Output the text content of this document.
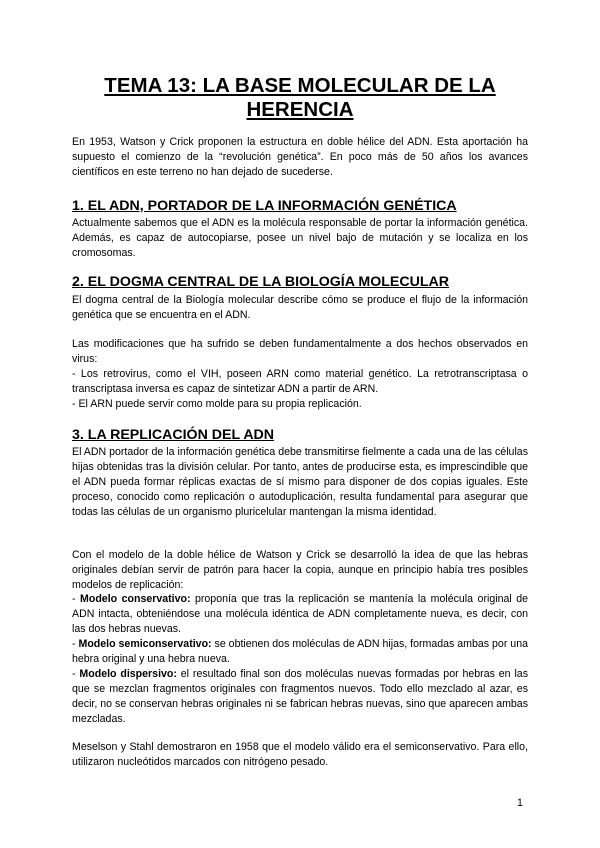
TEMA 13: LA BASE MOLECULAR DE LA
HERENCIA
En 1953, Watson y Crick proponen la estructura en doble hélice del ADN. Esta aportación ha supuesto el comienzo de la “revolución genética”. En poco más de 50 años los avances científicos en este terreno no han dejado de sucederse.
1. EL ADN, PORTADOR DE LA INFORMACIÓN GENÉTICA
Actualmente sabemos que el ADN es la molécula responsable de portar la información genética. Además, es capaz de autocopiarse, posee un nivel bajo de mutación y se localiza en los cromosomas.
2. EL DOGMA CENTRAL DE LA BIOLOGÍA MOLECULAR
El dogma central de la Biología molecular describe cómo se produce el flujo de la información genética que se encuentra en el ADN.
Las modificaciones que ha sufrido se deben fundamentalmente a dos hechos observados en virus:
- Los retrovirus, como el VIH, poseen ARN como material genético. La retrotranscriptasa o transcriptasa inversa es capaz de sintetizar ADN a partir de ARN.
- El ARN puede servir como molde para su propia replicación.
3. LA REPLICACIÓN DEL ADN
El ADN portador de la información genética debe transmitirse fielmente a cada una de las células hijas obtenidas tras la división celular. Por tanto, antes de producirse esta, es imprescindible que el ADN pueda formar réplicas exactas de sí mismo para disponer de dos copias iguales. Este proceso, conocido como replicación o autoduplicación, resulta fundamental para asegurar que todas las células de un organismo pluricelular mantengan la misma identidad.
Con el modelo de la doble hélice de Watson y Crick se desarrolló la idea de que las hebras originales debían servir de patrón para hacer la copia, aunque en principio había tres posibles modelos de replicación:
- Modelo conservativo: proponía que tras la replicación se mantenía la molécula original de ADN intacta, obteniéndose una molécula idéntica de ADN completamente nueva, es decir, con las dos hebras nuevas.
- Modelo semiconservativo: se obtienen dos moléculas de ADN hijas, formadas ambas por una hebra original y una hebra nueva.
- Modelo dispersivo: el resultado final son dos moléculas nuevas formadas por hebras en las que se mezclan fragmentos originales con fragmentos nuevos. Todo ello mezclado al azar, es decir, no se conservan hebras originales ni se fabrican hebras nuevas, sino que aparecen ambas mezcladas.
Meselson y Stahl demostraron en 1958 que el modelo válido era el semiconservativo. Para ello, utilizaron nucleótidos marcados con nitrógeno pesado.
1
